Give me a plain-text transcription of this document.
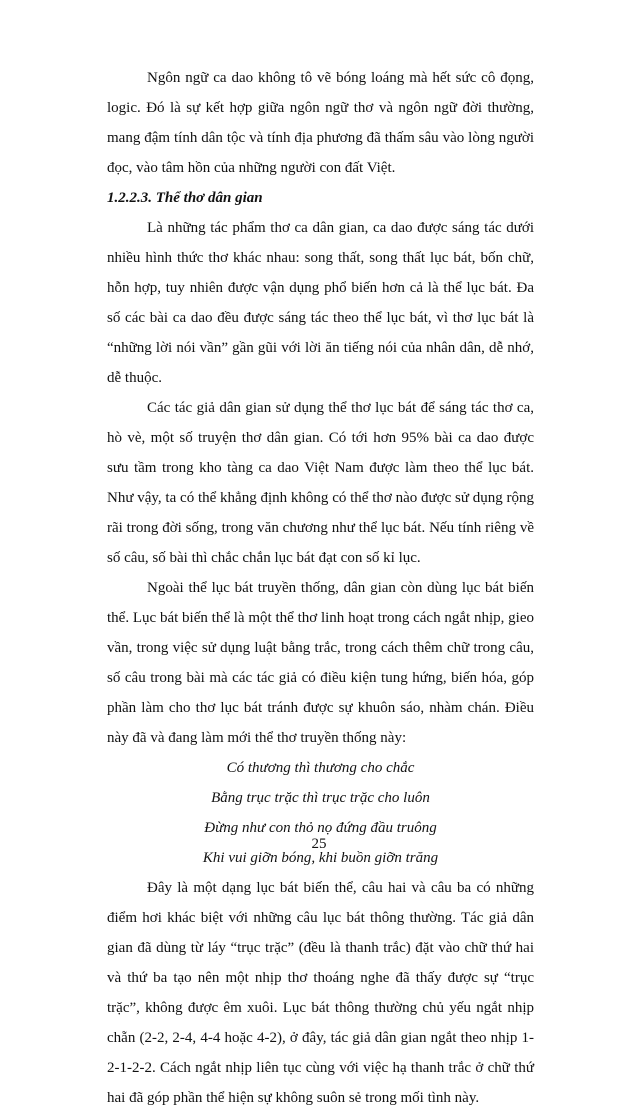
Ngôn ngữ ca dao không tô vẽ bóng loáng mà hết sức cô đọng, logic. Đó là sự kết hợp giữa ngôn ngữ thơ và ngôn ngữ đời thường, mang đậm tính dân tộc và tính địa phương đã thấm sâu vào lòng người đọc, vào tâm hồn của những người con đất Việt.

1.2.2.3. Thể thơ dân gian

Là những tác phẩm thơ ca dân gian, ca dao được sáng tác dưới nhiều hình thức thơ khác nhau: song thất, song thất lục bát, bốn chữ, hỗn hợp, tuy nhiên được vận dụng phổ biến hơn cả là thể lục bát. Đa số các bài ca dao đều được sáng tác theo thể lục bát, vì thơ lục bát là “những lời nói vần” gần gũi với lời ăn tiếng nói của nhân dân, dễ nhớ, dễ thuộc.

Các tác giả dân gian sử dụng thể thơ lục bát để sáng tác thơ ca, hò vè, một số truyện thơ dân gian. Có tới hơn 95% bài ca dao được sưu tầm trong kho tàng ca dao Việt Nam được làm theo thể lục bát. Như vậy, ta có thể khẳng định không có thể thơ nào được sử dụng rộng rãi trong đời sống, trong văn chương như thể lục bát. Nếu tính riêng về số câu, số bài thì chắc chắn lục bát đạt con số kỉ lục.

Ngoài thể lục bát truyền thống, dân gian còn dùng lục bát biến thể. Lục bát biến thể là một thể thơ linh hoạt trong cách ngắt nhịp, gieo vần, trong việc sử dụng luật bằng trắc, trong cách thêm chữ trong câu, số câu trong bài mà các tác giả có điều kiện tung hứng, biến hóa, góp phần làm cho thơ lục bát tránh được sự khuôn sáo, nhàm chán. Điều này đã và đang làm mới thể thơ truyền thống này:

Có thương thì thương cho chắc
Bằng trục trặc thì trục trặc cho luôn
Đừng như con thỏ nọ đứng đầu truông
Khi vui giỡn bóng, khi buồn giỡn trăng

Đây là một dạng lục bát biến thể, câu hai và câu ba có những điểm hơi khác biệt với những câu lục bát thông thường. Tác giả dân gian đã dùng từ láy “trục trặc” (đều là thanh trắc) đặt vào chữ thứ hai và thứ ba tạo nên một nhịp thơ thoáng nghe đã thấy được sự “trục trặc”, không được êm xuôi. Lục bát thông thường chủ yếu ngắt nhịp chẵn (2-2, 2-4, 4-4 hoặc 4-2), ở đây, tác giả dân gian ngắt theo nhịp 1-2-1-2-2. Cách ngắt nhịp liên tục cùng với việc hạ thanh trắc ở chữ thứ hai đã góp phần thể hiện sự không suôn sẻ trong mối tình này.

25
